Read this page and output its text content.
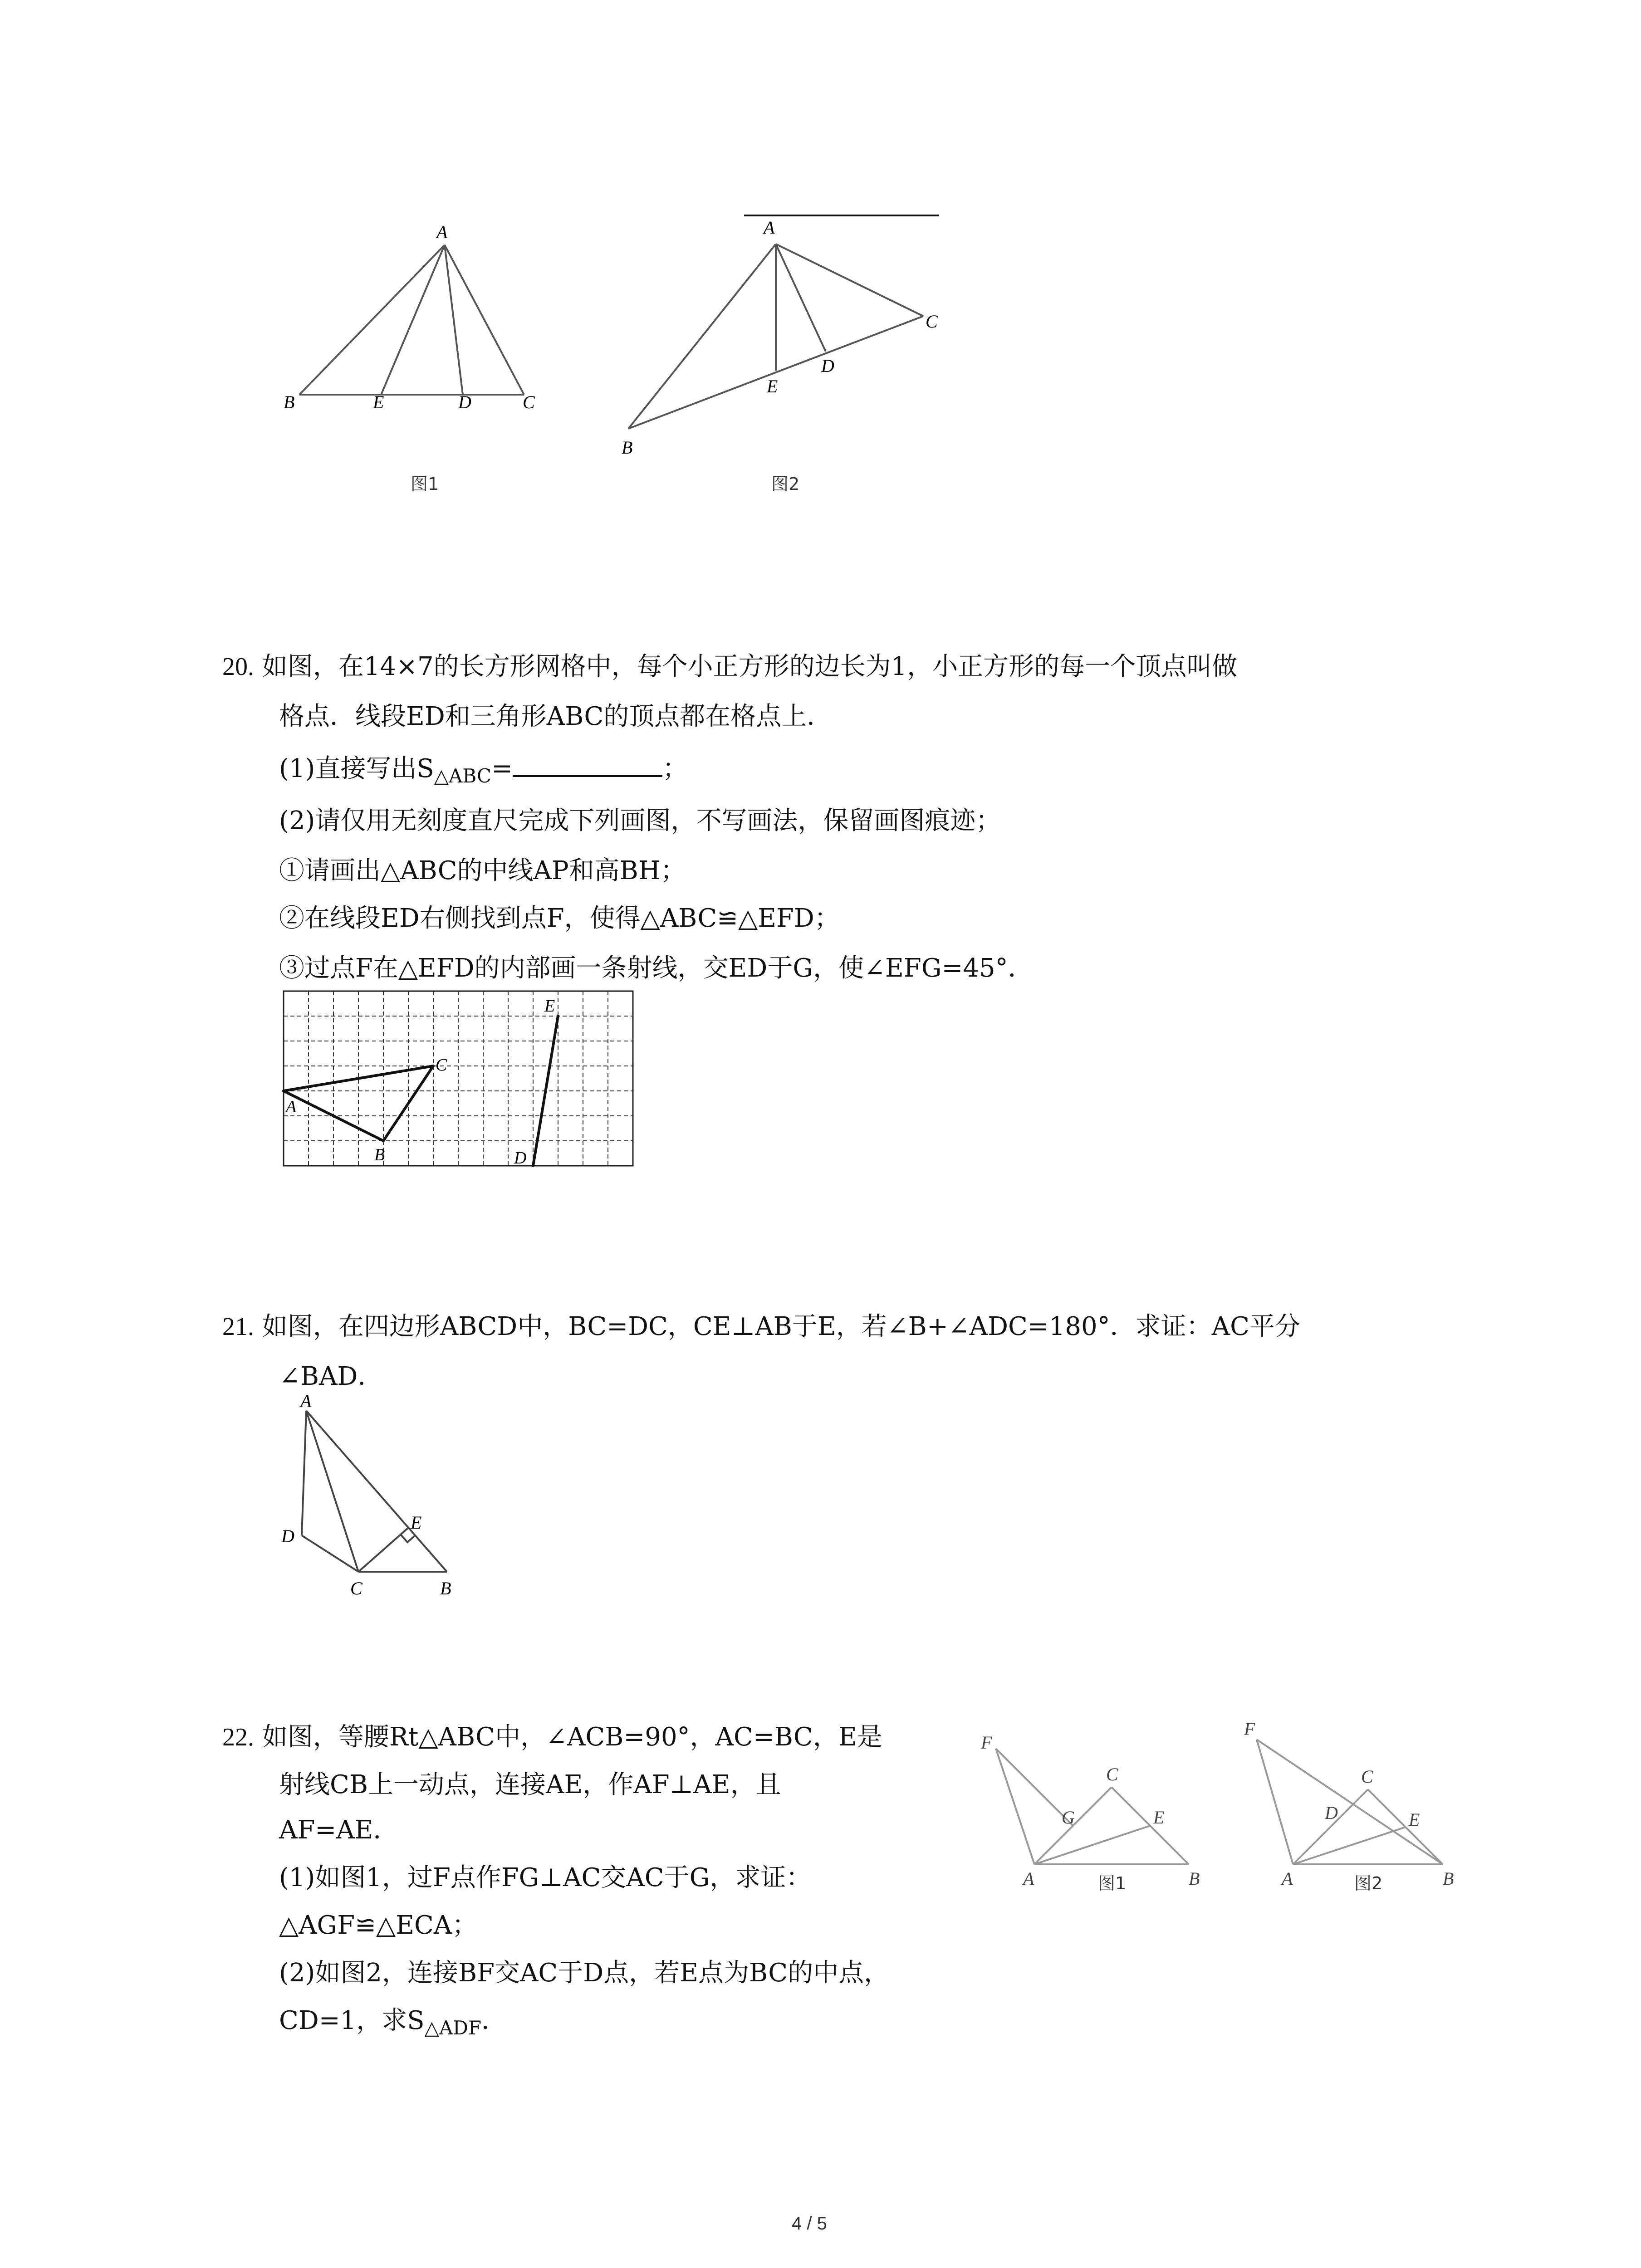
A
B	E	D	C
图1
A
B
C
D
E
图2
20. 如图，在14×7的长方形网格中，每个小正方形的边长为1，小正方形的每一个顶点叫做
格点．线段ED和三角形ABC的顶点都在格点上．
(1)直接写出$S_{\triangle ABC}=$	；
(2)请仅用无刻度直尺完成下列画图，不写画法，保留画图痕迹；
①请画出△ABC的中线AP和高BH；
②在线段ED右侧找到点F，使得△ABC≌△EFD；
③过点F在△EFD的内部画一条射线，交ED于G，使∠EFG=45°．
A
B
C
D
E
21. 如图，在四边形ABCD中，BC=DC，CE⊥AB于E，若∠B+∠ADC=180°．求证：AC平分
∠BAD．
A
D
E
C	B
22. 如图，等腰Rt△ABC中，∠ACB=90°，AC=BC，E是
射线CB上一动点，连接AE，作AF⊥AE，且
AF=AE．
(1)如图1，过F点作FG⊥AC交AC于G，求证：
△AGF≌△ECA；
(2)如图2，连接BF交AC于D点，若E点为BC的中点，
CD=1，求$S_{\triangle ADF}$．
F
C
G	E
A	B
图1
F
C
D	E
A	B
图2
4 / 5
